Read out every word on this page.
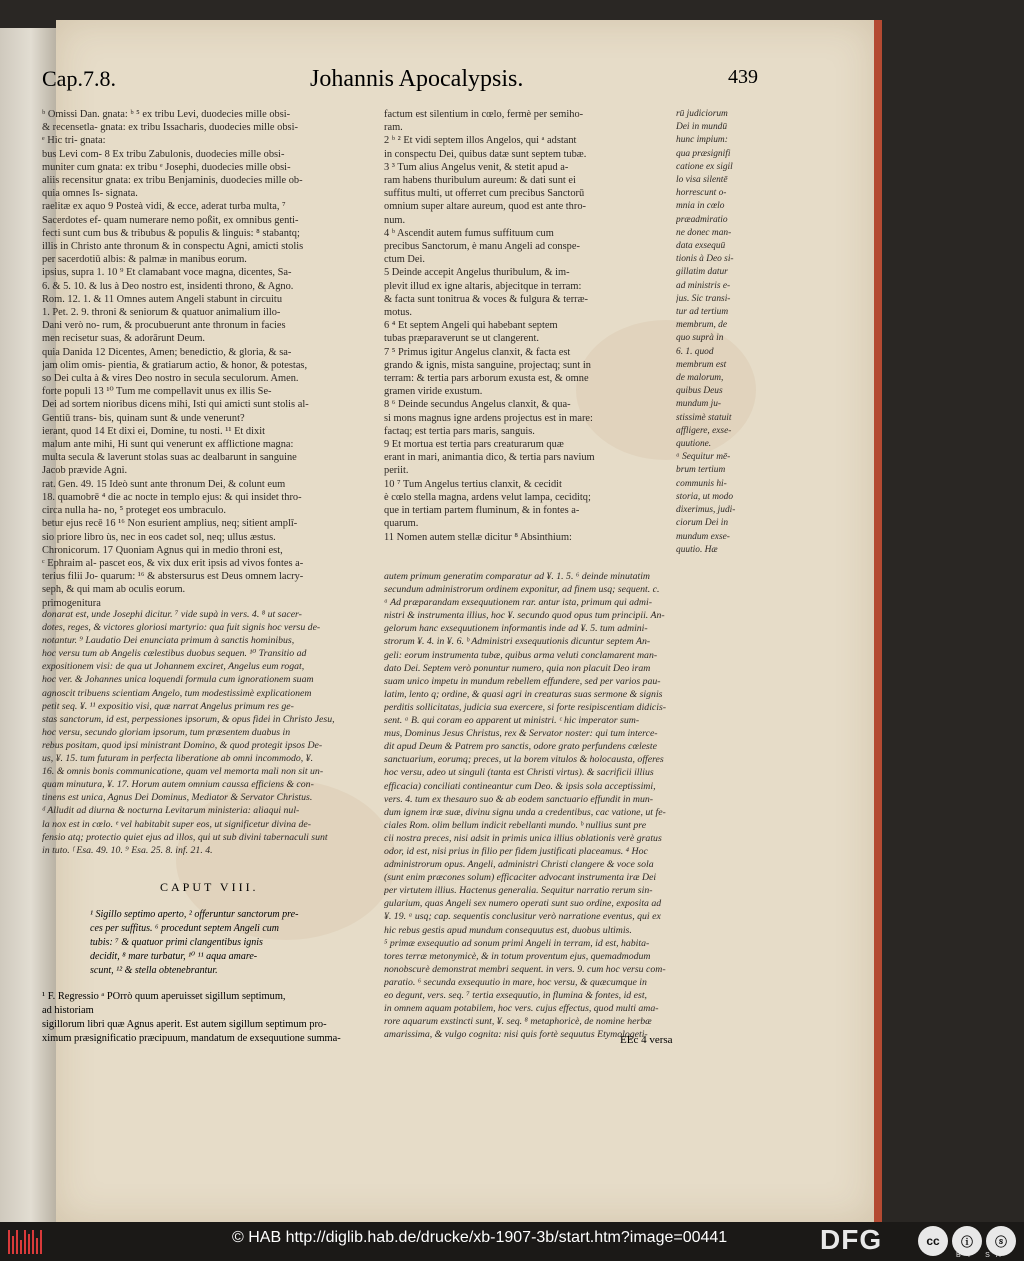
Cap.7.8.	Johannis Apocalypsis.	439
ᵇ Omissi Dan. gnata: ᵇ ⁵ ex tribu Levi, duodecies mille obsi-
& recensetla- gnata: ex tribu Issacharis, duodecies mille obsi-
ᵉ Hic tri- gnata:
bus Levi com- 8 Ex tribu Zabulonis, duodecies mille obsi-
muniter cum gnata: ex tribu ᵉ Josephi, duodecies mille obsi-
aliis recensitur gnata: ex tribu Benjaminis, duodecies mille ob-
quia omnes Is- signata.
raelitæ ex aquo 9 Posteà vidi, & ecce, aderat turba multa, ⁷
Sacerdotes ef- quam numerare nemo poßit, ex omnibus genti-
fecti sunt cum bus & tribubus & populis & linguis: ⁸ stabantq;
illis in Christo ante thronum & in conspectu Agni, amicti stolis
per sacerdotiū albis: & palmæ in manibus eorum.
ipsius, supra 1. 10 ⁹ Et clamabant voce magna, dicentes, Sa-
6. & 5. 10. & lus à Deo nostro est, insidenti throno, & Agno.
Rom. 12. 1. & 11 Omnes autem Angeli stabunt in circuitu
1. Pet. 2. 9. throni & seniorum & quatuor animalium illo-
Dani verò no- rum, & procubuerunt ante thronum in facies
men recisetur suas, & adorārunt Deum.
quia Danida 12 Dicentes, Amen; benedictio, & gloria, & sa-
jam olim omis- pientia, & gratiarum actio, & honor, & potestas,
so Dei culta à & vires Deo nostro in secula seculorum. Amen.
forte populi 13 ¹⁰ Tum me compellavit unus ex illis Se-
Dei ad sortem nioribus dicens mihi, Isti qui amicti sunt stolis al-
Gentiū trans- bis, quinam sunt & unde venerunt?
ierant, quod 14 Et dixi ei, Domine, tu nosti. ¹¹ Et dixit
malum ante mihi, Hi sunt qui venerunt ex afflictione magna:
multa secula & laverunt stolas suas ac dealbarunt in sanguine
Jacob prævide Agni.
rat. Gen. 49. 15 Ideò sunt ante thronum Dei, & colunt eum
18. quamobrē ⁴ die ac nocte in templo ejus: & qui insidet thro-
circa nulla ha- no, ⁵ proteget eos umbraculo.
betur ejus recē 16 ¹⁶ Non esurient amplius, neq; sitient amplī-
sio priore libro ùs, nec in eos cadet sol, neq; ullus æstus.
Chronicorum. 17 Quoniam Agnus qui in medio throni est,
ᶜ Ephraim al- pascet eos, & vix dux erit ipsis ad vivos fontes a-
terius filii Jo- quarum: ¹⁶ & abstersurus est Deus omnem lacry-
seph, & qui mam ab oculis eorum.
primogenitura
factum est silentium in cœlo, fermè per semiho-
ram.
2 ᵇ ² Et vidi septem illos Angelos, qui ᵃ adstant
in conspectu Dei, quibus datæ sunt septem tubæ.
3 ³ Tum alius Angelus venit, & stetit apud a-
ram habens thuribulum aureum: & dati sunt ei
suffitus multi, ut offerret cum precibus Sanctorū
omnium super altare aureum, quod est ante thro-
num.
4 ᵇ Ascendit autem fumus suffituum cum
precibus Sanctorum, è manu Angeli ad conspe-
ctum Dei.
5 Deinde accepit Angelus thuribulum, & im-
plevit illud ex igne altaris, abjecitque in terram:
& facta sunt tonitrua & voces & fulgura & terræ-
motus.
6 ⁴ Et septem Angeli qui habebant septem
tubas præparaverunt se ut clangerent.
7 ⁵ Primus igitur Angelus clanxit, & facta est
grando & ignis, mista sanguine, projectaq; sunt in
terram: & tertia pars arborum exusta est, & omne
gramen viride exustum.
8 ⁶ Deinde secundus Angelus clanxit, & qua-
si mons magnus igne ardens projectus est in mare:
factaq; est tertia pars maris, sanguis.
9 Et mortua est tertia pars creaturarum quæ
erant in mari, animantia dico, & tertia pars navium
periit.
10 ⁷ Tum Angelus tertius clanxit, & cecidit
è cœlo stella magna, ardens velut lampa, ceciditq;
que in tertiam partem fluminum, & in fontes a-
quarum.
11 Nomen autem stellæ dicitur ⁸ Absinthium:
rū judiciorum
Dei in mundū
hunc impium:
qua præsignifi
catione ex sigil
lo visa silentē
horrescunt o-
mnia in cœlo
præadmiratio
ne donec man-
data exsequū
tionis à Deo si-
gillatim datur
ad ministris e-
jus. Sic transi-
tur ad tertium
membrum, de
quo suprà in
6. 1. quod
membrum est
de malorum,
quibus Deus
mundum ju-
stissimè statuit
affligere, exse-
quutione.
ᵃ Sequitur mē-
brum tertium
communis hi-
storia, ut modo
dixerimus, judi-
ciorum Dei in
mundum exse-
quutio. Hæ
donarat est, unde Josephi dicitur. ⁷ vide supà in vers. 4. ⁸ ut sacer-
dotes, reges, & victores gloriosi martyrio: qua fuit signis hoc versu de-
notantur. ⁹ Laudatio Dei enunciata primum à sanctis hominibus,
hoc versu tum ab Angelis cælestibus duobus sequen. ¹⁰ Transitio ad
expositionem visi: de qua ut Johannem exciret, Angelus eum rogat,
hoc ver. & Johannes unica loquendi formula cum ignorationem suam
agnoscit tribuens scientiam Angelo, tum modestissimè explicationem
petit seq. ¥. ¹¹ expositio visi, quæ narrat Angelus primum res ge-
stas sanctorum, id est, perpessiones ipsorum, & opus fidei in Christo Jesu,
hoc versu, secundo gloriam ipsorum, tum præsentem duabus in
rebus positam, quod ipsi ministrant Domino, & quod protegit ipsos De-
us, ¥. 15. tum futuram in perfecta liberatione ab omni incommodo, ¥.
16. & omnis bonis communicatione, quam vel memorta mali non sit un-
quam minutura, ¥. 17. Horum autem omnium caussa efficiens & con-
tinens est unica, Agnus Dei Dominus, Mediator & Servator Christus.
ᵈ Alludit ad diurna & nocturna Levitarum ministeria: aliaqui nul-
la nox est in cœlo. ᵉ vel habitabit super eos, ut significetur divina de-
fensio atq; protectio quiet ejus ad illos, qui ut sub divini tabernaculi sunt
in tuto. ᶠ Esa. 49. 10. ⁹ Esa. 25. 8. inf. 21. 4.
autem primum generatim comparatur ad ¥. 1. 5. ⁶ deinde minutatim
secundum administrorum ordinem exponitur, ad finem usq; sequent. c.
ᵃ Ad præparandam exsequutionem rar. antur ista, primum qui admi-
nistri & instrumenta illius, hoc ¥. secundo quod opus tum principii. An-
gelorum hanc exsequutionem informantis inde ad ¥. 5. tum admini-
strorum ¥. 4. in ¥. 6. ᵇ Administri exsequutionis dicuntur septem An-
geli: eorum instrumenta tubæ, quibus arma veluti conclamarent man-
dato Dei. Septem verò ponuntur numero, quia non placuit Deo iram
suam unico impetu in mundum rebellem effundere, sed per varios pau-
latim, lento q; ordine, & quasi agri in creaturas suas sermone & signis
perditis sollicitatas, judicia sua exercere, si forte resipiscentiam didicis-
sent. ᵃ B. qui coram eo apparent ut ministri. ᶜ hic imperator sum-
mus, Dominus Jesus Christus, rex & Servator noster: qui tum interce-
dit apud Deum & Patrem pro sanctis, odore grato perfundens cœleste
sanctuarium, eorumq; preces, ut la borem vitulos & holocausta, offeres
hoc versu, adeo ut singuli (tanta est Christi virtus). & sacrificii illius
efficacia) conciliati contineantur cum Deo. & ipsis sola acceptissimi,
vers. 4. tum ex thesauro suo & ab eodem sanctuario effundit in mun-
dum ignem iræ suæ, divinu signu unda a credentibus, cac vatione, ut fe-
ciales Rom. olim bellum indicit rebellanti mundo. ᵇ nullius sunt pre
cii nostra preces, nisi adsit in primis unica illius oblationis verè gratus
odor, id est, nisi prius in filio per fidem justificati placeamus. ⁴ Hoc
administrorum opus. Angeli, administri Christi clangere & voce sola
(sunt enim præcones solum) efficaciter advocant instrumenta iræ Dei
per virtutem illius. Hactenus generalia. Sequitur narratio rerum sin-
gularium, quas Angeli sex numero operati sunt suo ordine, exposita ad
¥. 19. ᵃ usq; cap. sequentis conclusitur verò narratione eventus, qui ex
hic rebus gestis apud mundum consequutus est, duobus ultimis.
⁵ primæ exsequutio ad sonum primi Angeli in terram, id est, habita-
tores terræ metonymicè, & in totum proventum ejus, quemadmodum
nonobscurè demonstrat membri sequent. in vers. 9. cum hoc versu com-
paratio. ⁶ secunda exsequutio in mare, hoc versu, & quæcumque in
eo degunt, vers. seq. ⁷ tertia exsequutio, in flumina & fontes, id est,
in omnem aquam potabilem, hoc vers. cujus effectus, quod multi ama-
rore aquarum exstincti sunt, ¥. seq. ⁸ metaphoricè, de nomine herbæ
amarissima, & vulgo cognita: nisi quis fortè sequutus Etymologeti-
CAPUT VIII.
¹ Sigillo septimo aperto, ² offeruntur sanctorum pre-
ces per suffitus. ⁶ procedunt septem Angeli cum
tubis: ⁷ & quatuor primi clangentibus ignis
decidit, ⁸ mare turbatur, ¹⁰ ¹¹ aqua amare-
scunt, ¹² & stella obtenebrantur.
¹ F. Regressio ᵃ POrrò quum aperuisset sigillum septimum,
ad historiam
sigillorum libri quæ Agnus aperit. Est autem sigillum septimum pro-
ximum præsignificatio præcipuum, mandatum de exsequutione summa-	EEc 4 versa
© HAB http://diglib.hab.de/drucke/xb-1907-3b/start.htm?image=00441	DFG	cc	ⓘ	ⓢ
BY SA
